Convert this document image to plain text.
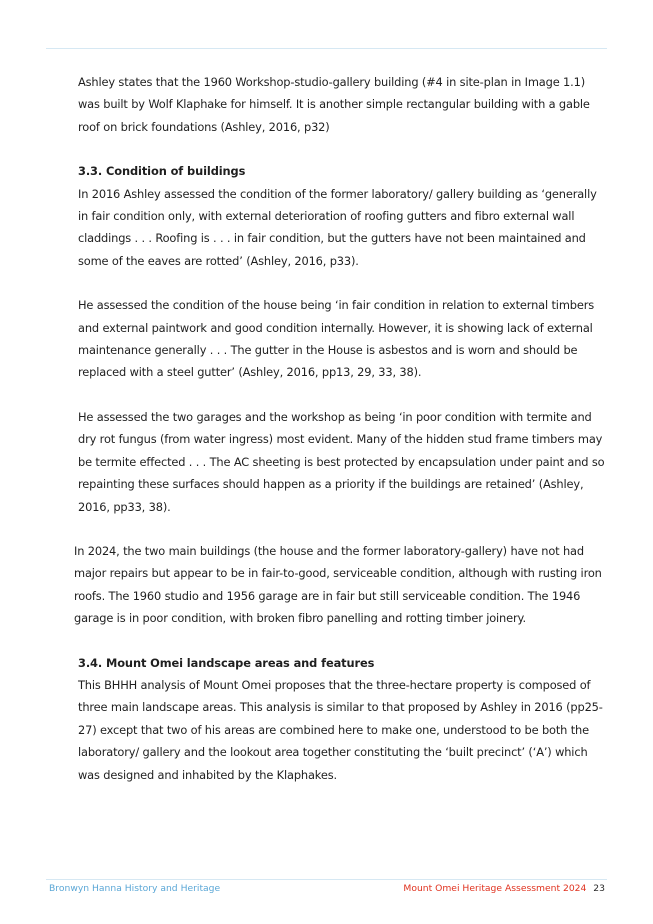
Ashley states that the 1960 Workshop-studio-gallery building (#4 in site-plan in Image 1.1) was built by Wolf Klaphake for himself. It is another simple rectangular building with a gable roof on brick foundations (Ashley, 2016, p32)

3.3. Condition of buildings

In 2016 Ashley assessed the condition of the former laboratory/ gallery building as ‘generally in fair condition only, with external deterioration of roofing gutters and fibro external wall claddings . . . Roofing is . . . in fair condition, but the gutters have not been maintained and some of the eaves are rotted’ (Ashley, 2016, p33).

He assessed the condition of the house being ‘in fair condition in relation to external timbers and external paintwork and good condition internally. However, it is showing lack of external maintenance generally . . . The gutter in the House is asbestos and is worn and should be replaced with a steel gutter’ (Ashley, 2016, pp13, 29, 33, 38).

He assessed the two garages and the workshop as being ‘in poor condition with termite and dry rot fungus (from water ingress) most evident. Many of the hidden stud frame timbers may be termite effected . . . The AC sheeting is best protected by encapsulation under paint and so repainting these surfaces should happen as a priority if the buildings are retained’ (Ashley, 2016, pp33, 38).

In 2024, the two main buildings (the house and the former laboratory-gallery) have not had major repairs but appear to be in fair-to-good, serviceable condition, although with rusting iron roofs. The 1960 studio and 1956 garage are in fair but still serviceable condition. The 1946 garage is in poor condition, with broken fibro panelling and rotting timber joinery.

3.4. Mount Omei landscape areas and features

This BHHH analysis of Mount Omei proposes that the three-hectare property is composed of three main landscape areas. This analysis is similar to that proposed by Ashley in 2016 (pp25-27) except that two of his areas are combined here to make one, understood to be both the laboratory/ gallery and the lookout area together constituting the ‘built precinct’ (‘A’) which was designed and inhabited by the Klaphakes.

Bronwyn Hanna History and Heritage	Mount Omei Heritage Assessment 2024 23
